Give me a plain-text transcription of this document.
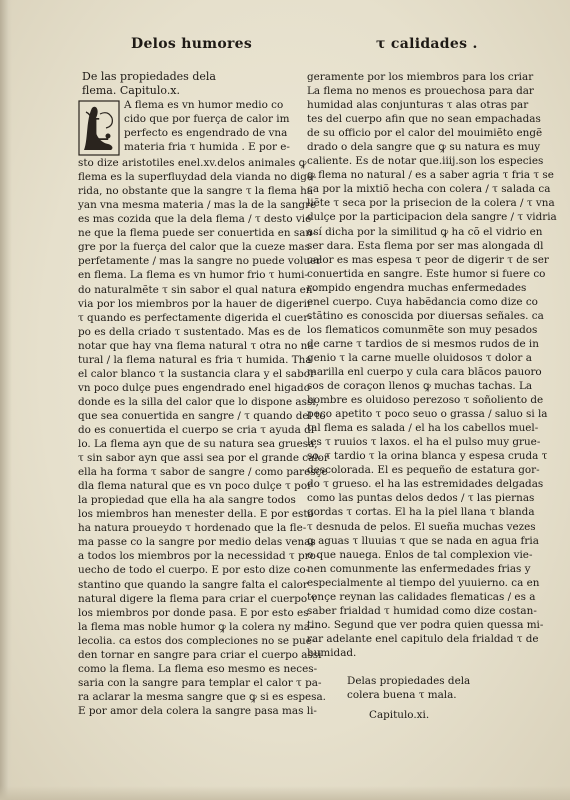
Delos humores	τ calidades .
De las propiedades dela
flema. Capitulo.x.
L
A flema es vn humor medio co
cido que por fuerça de calor im
perfecto es engendrado de vna
materia fria τ humida . E por e-
sto dize aristotiles enel.xv.delos animales ꝙ
flema es la superfluydad dela vianda no dige-
rida, no obstante que la sangre τ la flema ha
yan vna mesma materia / mas la de la sangre
es mas cozida que la dela flema / τ desto vie
ne que la flema puede ser conuertida en san-
gre por la fuerça del calor que la cueze mas
perfetamente / mas la sangre no puede voluer
en flema. La flema es vn humor frio τ humi-
do naturalmẽte τ sin sabor el qual natura en-
via por los miembros por la hauer de digerir
τ quando es perfectamente digerida el cuer-
po es della criado τ sustentado. Mas es de
notar que hay vna flema natural τ otra no na
tural / la flema natural es fria τ humida. Tha
el calor blanco τ la sustancia clara y el sabor
vn poco dulçe pues engendrado enel higado
donde es la silla del calor que lo dispone assi,
que sea conuertida en sangre / τ quando del to
do es conuertida el cuerpo se cria τ ayuda dl
lo. La flema ayn que de su natura sea gruesa,
τ sin sabor ayn que assi sea por el grande calor
ella ha forma τ sabor de sangre / como paresçe
dla flema natural que es vn poco dulçe τ por
la propiedad que ella ha ala sangre todos
los miembros han menester della. E por esto
ha natura proueydo τ hordenado que la fle-
ma passe co la sangre por medio delas venas
a todos los miembros por la necessidad τ pro-
uecho de todo el cuerpo. E por esto dize co-
stantino que quando la sangre falta el calor
natural digere la flema para criar el cuerpo τ
los miembros por donde pasa. E por esto es
la flema mas noble humor ꝙ la colera ny ma-
lecolia. ca estos dos compleciones no se pue-
den tornar en sangre para criar el cuerpo assi
como la flema. La flema eso mesmo es neces-
saria con la sangre para templar el calor τ pa-
ra aclarar la mesma sangre que ꝙ si es espesa.
E por amor dela colera la sangre pasa mas li-
geramente por los miembros para los criar
La flema no menos es prouechosa para dar
humidad alas conjunturas τ alas otras par
tes del cuerpo afin que no sean empachadas
de su officio por el calor del mouimiẽto engẽ
drado o dela sangre que ꝙ su natura es muy
caliente. Es de notar que.iiij.son los especies
ꝙ flema no natural / es a saber agria τ fria τ se
ca por la mixtiõ hecha con colera / τ salada ca
liẽte τ seca por la prisecion de la colera / τ vna
dulçe por la participacion dela sangre / τ vidria
así dicha por la similitud ꝙ ha cõ el vidrio en
ser dara. Esta flema por ser mas alongada dl
calor es mas espesa τ peor de digerir τ de ser
conuertida en sangre. Este humor si fuere co
rompido engendra muchas enfermedades
enel cuerpo. Cuya habẽdancia como dize co
stãtino es conoscida por diuersas señales. ca
los flematicos comunmẽte son muy pesados
de carne τ tardios de si mesmos rudos de in
genio τ la carne muelle oluidosos τ dolor a
marilla enl cuerpo y cula cara blãcos pauoro
sos de coraçon llenos ꝙ muchas tachas. La
hombre es oluidoso perezoso τ soñoliento de
poco apetito τ poco seuo o grassa / saluo si la
tal flema es salada / el ha los cabellos muel-
les τ ruuios τ laxos. el ha el pulso muy grue-
so. τ tardio τ la orina blanca y espesa cruda τ
descolorada. El es pequeño de estatura gor-
do τ grueso. el ha las estremidades delgadas
como las puntas delos dedos / τ las piernas
gordas τ cortas. El ha la piel llana τ blanda
τ desnuda de pelos. El sueña muchas vezes
ꝙ aguas τ lluuias τ que se nada en agua fria
o que nauega. Enlos de tal complexion vie-
nen comunmente las enfermedades frias y
especialmente al tiempo del yuuierno. ca en
tonçe reynan las calidades flematicas / es a
saber frialdad τ humidad como dize costan-
tino. Segund que ver podra quien quessa mi-
rar adelante enel capitulo dela frialdad τ de
humidad.
Delas propiedades dela
colera buena τ mala.
Capitulo.xi.
